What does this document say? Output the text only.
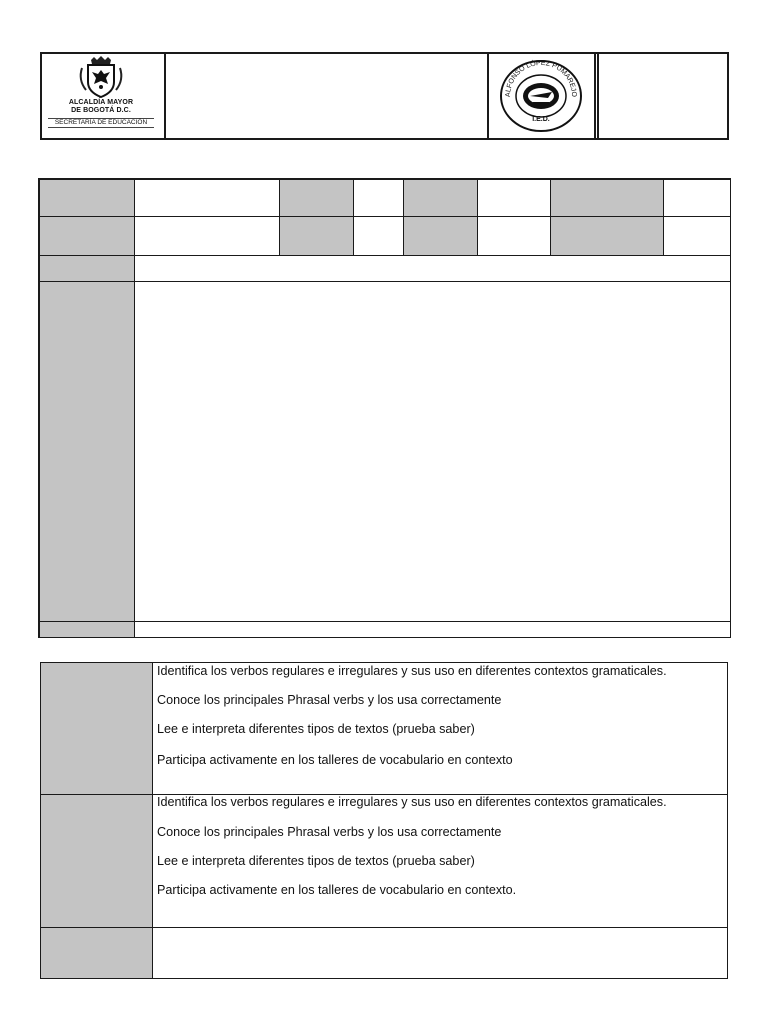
ALCALDÍA MAYOR
DE BOGOTÁ D.C.
SECRETARÍA DE EDUCACIÓN
ALFONSO LÓPEZ PUMAREJO
I.E.D.
Identifica los verbos regulares e irregulares y sus uso en diferentes contextos gramaticales.
Conoce los principales Phrasal verbs y los usa correctamente
Lee e interpreta diferentes tipos de textos (prueba saber)
Participa activamente en los talleres de vocabulario en contexto
Identifica los verbos regulares e irregulares y sus uso en diferentes contextos gramaticales.
Conoce los principales Phrasal verbs y los usa correctamente
Lee e interpreta diferentes tipos de textos (prueba saber)
Participa activamente en los talleres de vocabulario en contexto.
